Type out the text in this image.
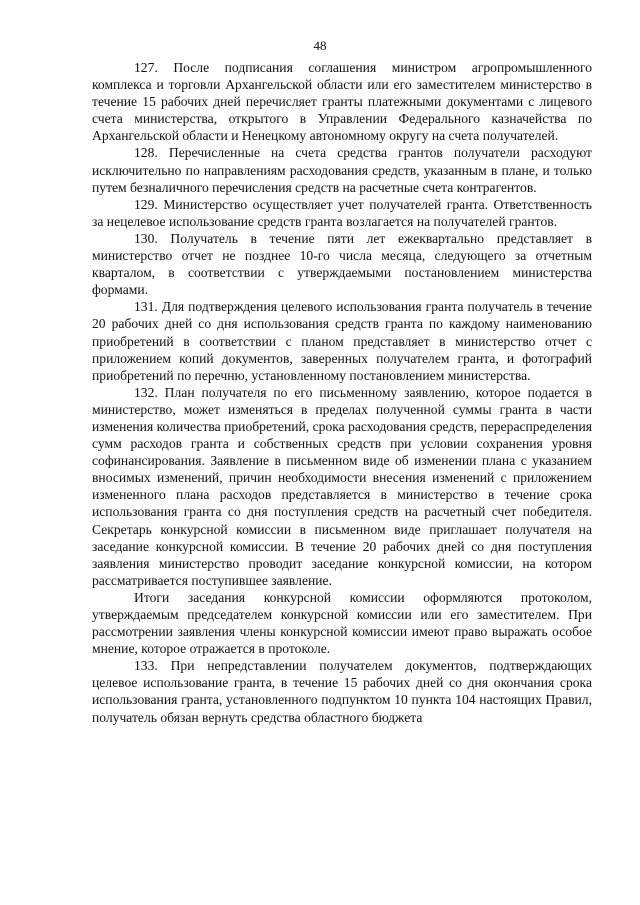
48

127. После подписания соглашения министром агропромышленного комплекса и торговли Архангельской области или его заместителем министерство в течение 15 рабочих дней перечисляет гранты платежными документами с лицевого счета министерства, открытого в Управлении Федерального казначейства по Архангельской области и Ненецкому автономному округу на счета получателей.

128. Перечисленные на счета средства грантов получатели расходуют исключительно по направлениям расходования средств, указанным в плане, и только путем безналичного перечисления средств на расчетные счета контрагентов.

129. Министерство осуществляет учет получателей гранта. Ответственность за нецелевое использование средств гранта возлагается на получателей грантов.

130. Получатель в течение пяти лет ежеквартально представляет в министерство отчет не позднее 10-го числа месяца, следующего за отчетным кварталом, в соответствии с утверждаемыми постановлением министерства формами.

131. Для подтверждения целевого использования гранта получатель в течение 20 рабочих дней со дня использования средств гранта по каждому наименованию приобретений в соответствии с планом представляет в министерство отчет с приложением копий документов, заверенных получателем гранта, и фотографий приобретений по перечню, установленному постановлением министерства.

132. План получателя по его письменному заявлению, которое подается в министерство, может изменяться в пределах полученной суммы гранта в части изменения количества приобретений, срока расходования средств, перераспределения сумм расходов гранта и собственных средств при условии сохранения уровня софинансирования. Заявление в письменном виде об изменении плана с указанием вносимых изменений, причин необходимости внесения изменений с приложением измененного плана расходов представляется в министерство в течение срока использования гранта со дня поступления средств на расчетный счет победителя. Секретарь конкурсной комиссии в письменном виде приглашает получателя на заседание конкурсной комиссии. В течение 20 рабочих дней со дня поступления заявления министерство проводит заседание конкурсной комиссии, на котором рассматривается поступившее заявление.

Итоги заседания конкурсной комиссии оформляются протоколом, утверждаемым председателем конкурсной комиссии или его заместителем. При рассмотрении заявления члены конкурсной комиссии имеют право выражать особое мнение, которое отражается в протоколе.

133. При непредставлении получателем документов, подтверждающих целевое использование гранта, в течение 15 рабочих дней со дня окончания срока использования гранта, установленного подпунктом 10 пункта 104 настоящих Правил, получатель обязан вернуть средства областного бюджета
